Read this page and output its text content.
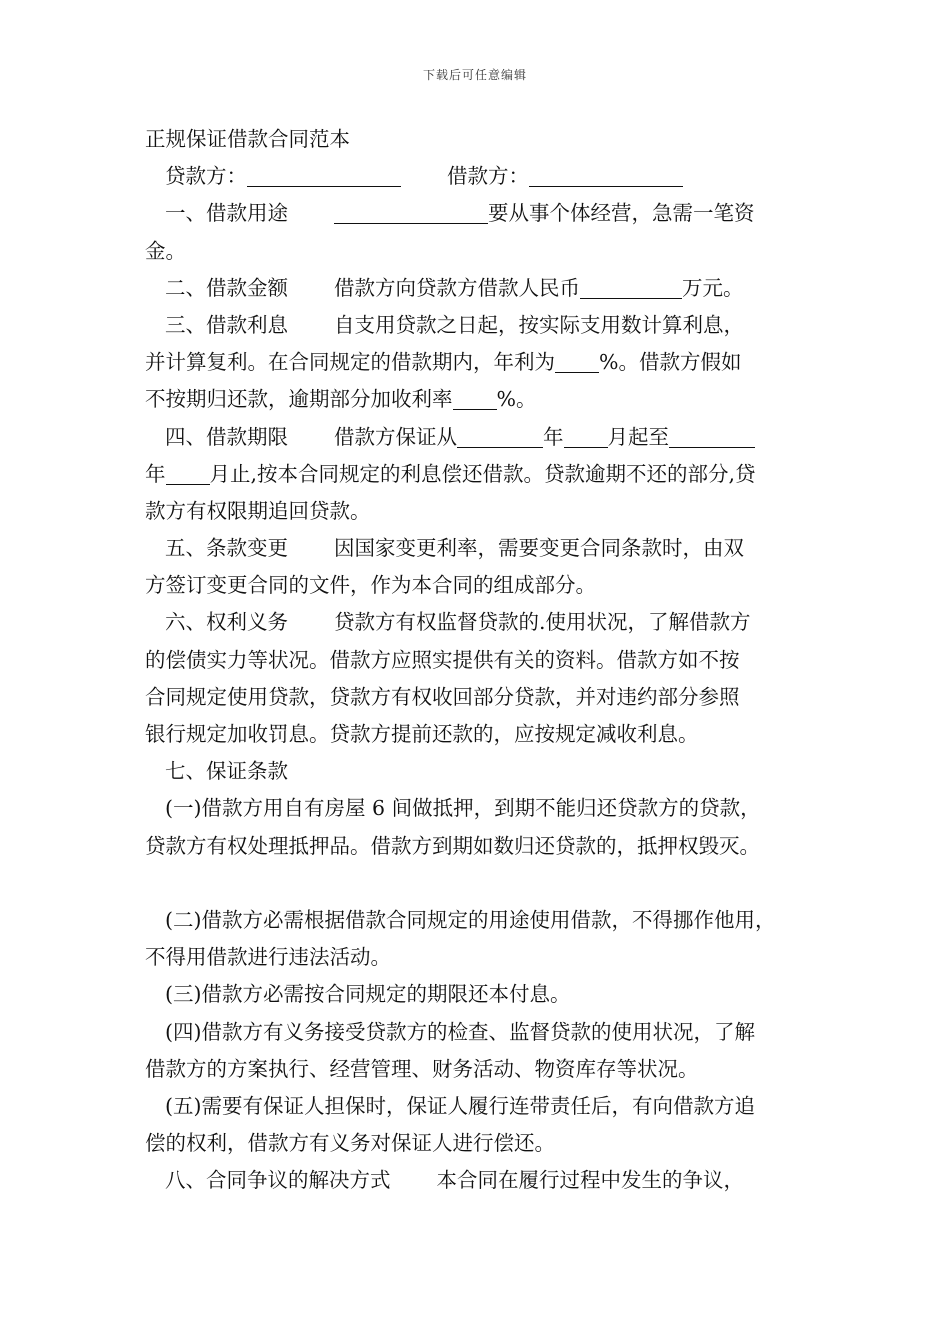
下载后可任意编辑
正规保证借款合同范本
贷款方：	借款方：
一、借款用途	要从事个体经营，急需一笔资
金。
二、借款金额 借款方向贷款方借款人民币	万元。
三、借款利息 自支用贷款之日起，按实际支用数计算利息，
并计算复利。在合同规定的借款期内，年利为 %。借款方假如
不按期归还款，逾期部分加收利率 %。
四、借款期限 借款方保证从	年 月起至
年 月止,按本合同规定的利息偿还借款。贷款逾期不还的部分,贷
款方有权限期追回贷款。
五、条款变更 因国家变更利率，需要变更合同条款时，由双
方签订变更合同的文件，作为本合同的组成部分。
六、权利义务 贷款方有权监督贷款的.使用状况，了解借款方
的偿债实力等状况。借款方应照实提供有关的资料。借款方如不按
合同规定使用贷款，贷款方有权收回部分贷款，并对违约部分参照
银行规定加收罚息。贷款方提前还款的，应按规定减收利息。
七、保证条款
(一)借款方用自有房屋 6 间做抵押，到期不能归还贷款方的贷款，
贷款方有权处理抵押品。借款方到期如数归还贷款的，抵押权毁灭。
(二)借款方必需根据借款合同规定的用途使用借款，不得挪作他用，
不得用借款进行违法活动。
(三)借款方必需按合同规定的期限还本付息。
(四)借款方有义务接受贷款方的检查、监督贷款的使用状况，了解
借款方的方案执行、经营管理、财务活动、物资库存等状况。
(五)需要有保证人担保时，保证人履行连带责任后，有向借款方追
偿的权利，借款方有义务对保证人进行偿还。
八、合同争议的解决方式 本合同在履行过程中发生的争议，
